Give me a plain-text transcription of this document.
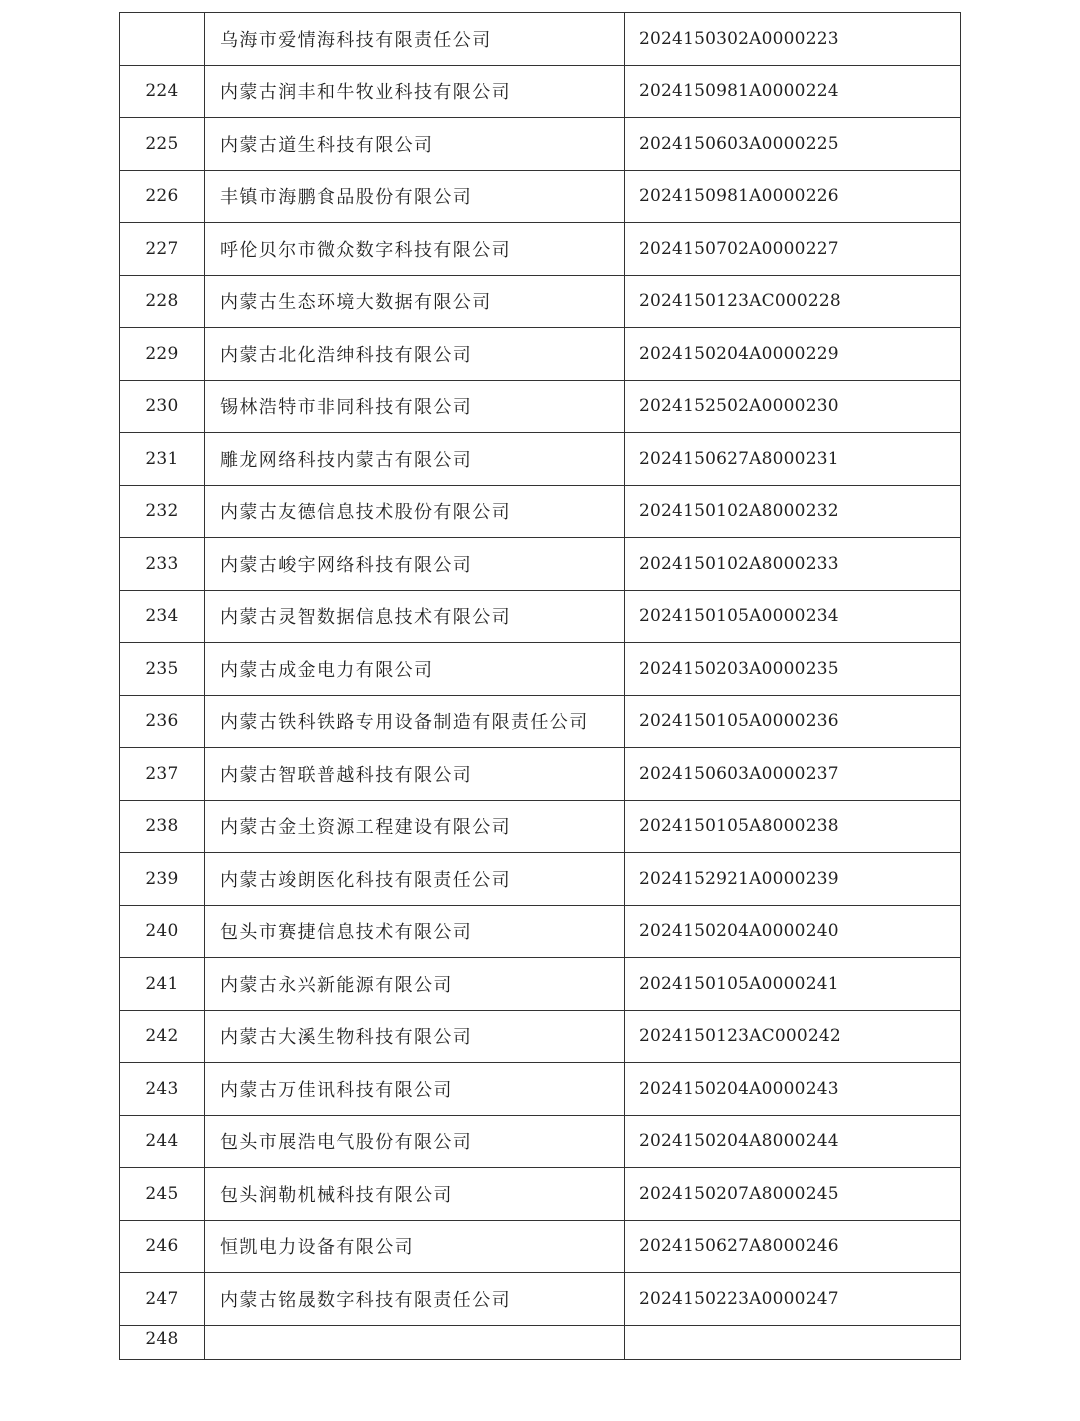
	乌海市爱情海科技有限责任公司	2024150302A0000223
224	内蒙古润丰和牛牧业科技有限公司	2024150981A0000224
225	内蒙古道生科技有限公司	2024150603A0000225
226	丰镇市海鹏食品股份有限公司	2024150981A0000226
227	呼伦贝尔市微众数字科技有限公司	2024150702A0000227
228	内蒙古生态环境大数据有限公司	2024150123AC000228
229	内蒙古北化浩绅科技有限公司	2024150204A0000229
230	锡林浩特市非同科技有限公司	2024152502A0000230
231	雕龙网络科技内蒙古有限公司	2024150627A8000231
232	内蒙古友德信息技术股份有限公司	2024150102A8000232
233	内蒙古峻宇网络科技有限公司	2024150102A8000233
234	内蒙古灵智数据信息技术有限公司	2024150105A0000234
235	内蒙古成金电力有限公司	2024150203A0000235
236	内蒙古铁科铁路专用设备制造有限责任公司	2024150105A0000236
237	内蒙古智联普越科技有限公司	2024150603A0000237
238	内蒙古金土资源工程建设有限公司	2024150105A8000238
239	内蒙古竣朗医化科技有限责任公司	2024152921A0000239
240	包头市赛捷信息技术有限公司	2024150204A0000240
241	内蒙古永兴新能源有限公司	2024150105A0000241
242	内蒙古大溪生物科技有限公司	2024150123AC000242
243	内蒙古万佳讯科技有限公司	2024150204A0000243
244	包头市展浩电气股份有限公司	2024150204A8000244
245	包头润勒机械科技有限公司	2024150207A8000245
246	恒凯电力设备有限公司	2024150627A8000246
247	内蒙古铭晟数字科技有限责任公司	2024150223A0000247
248		
